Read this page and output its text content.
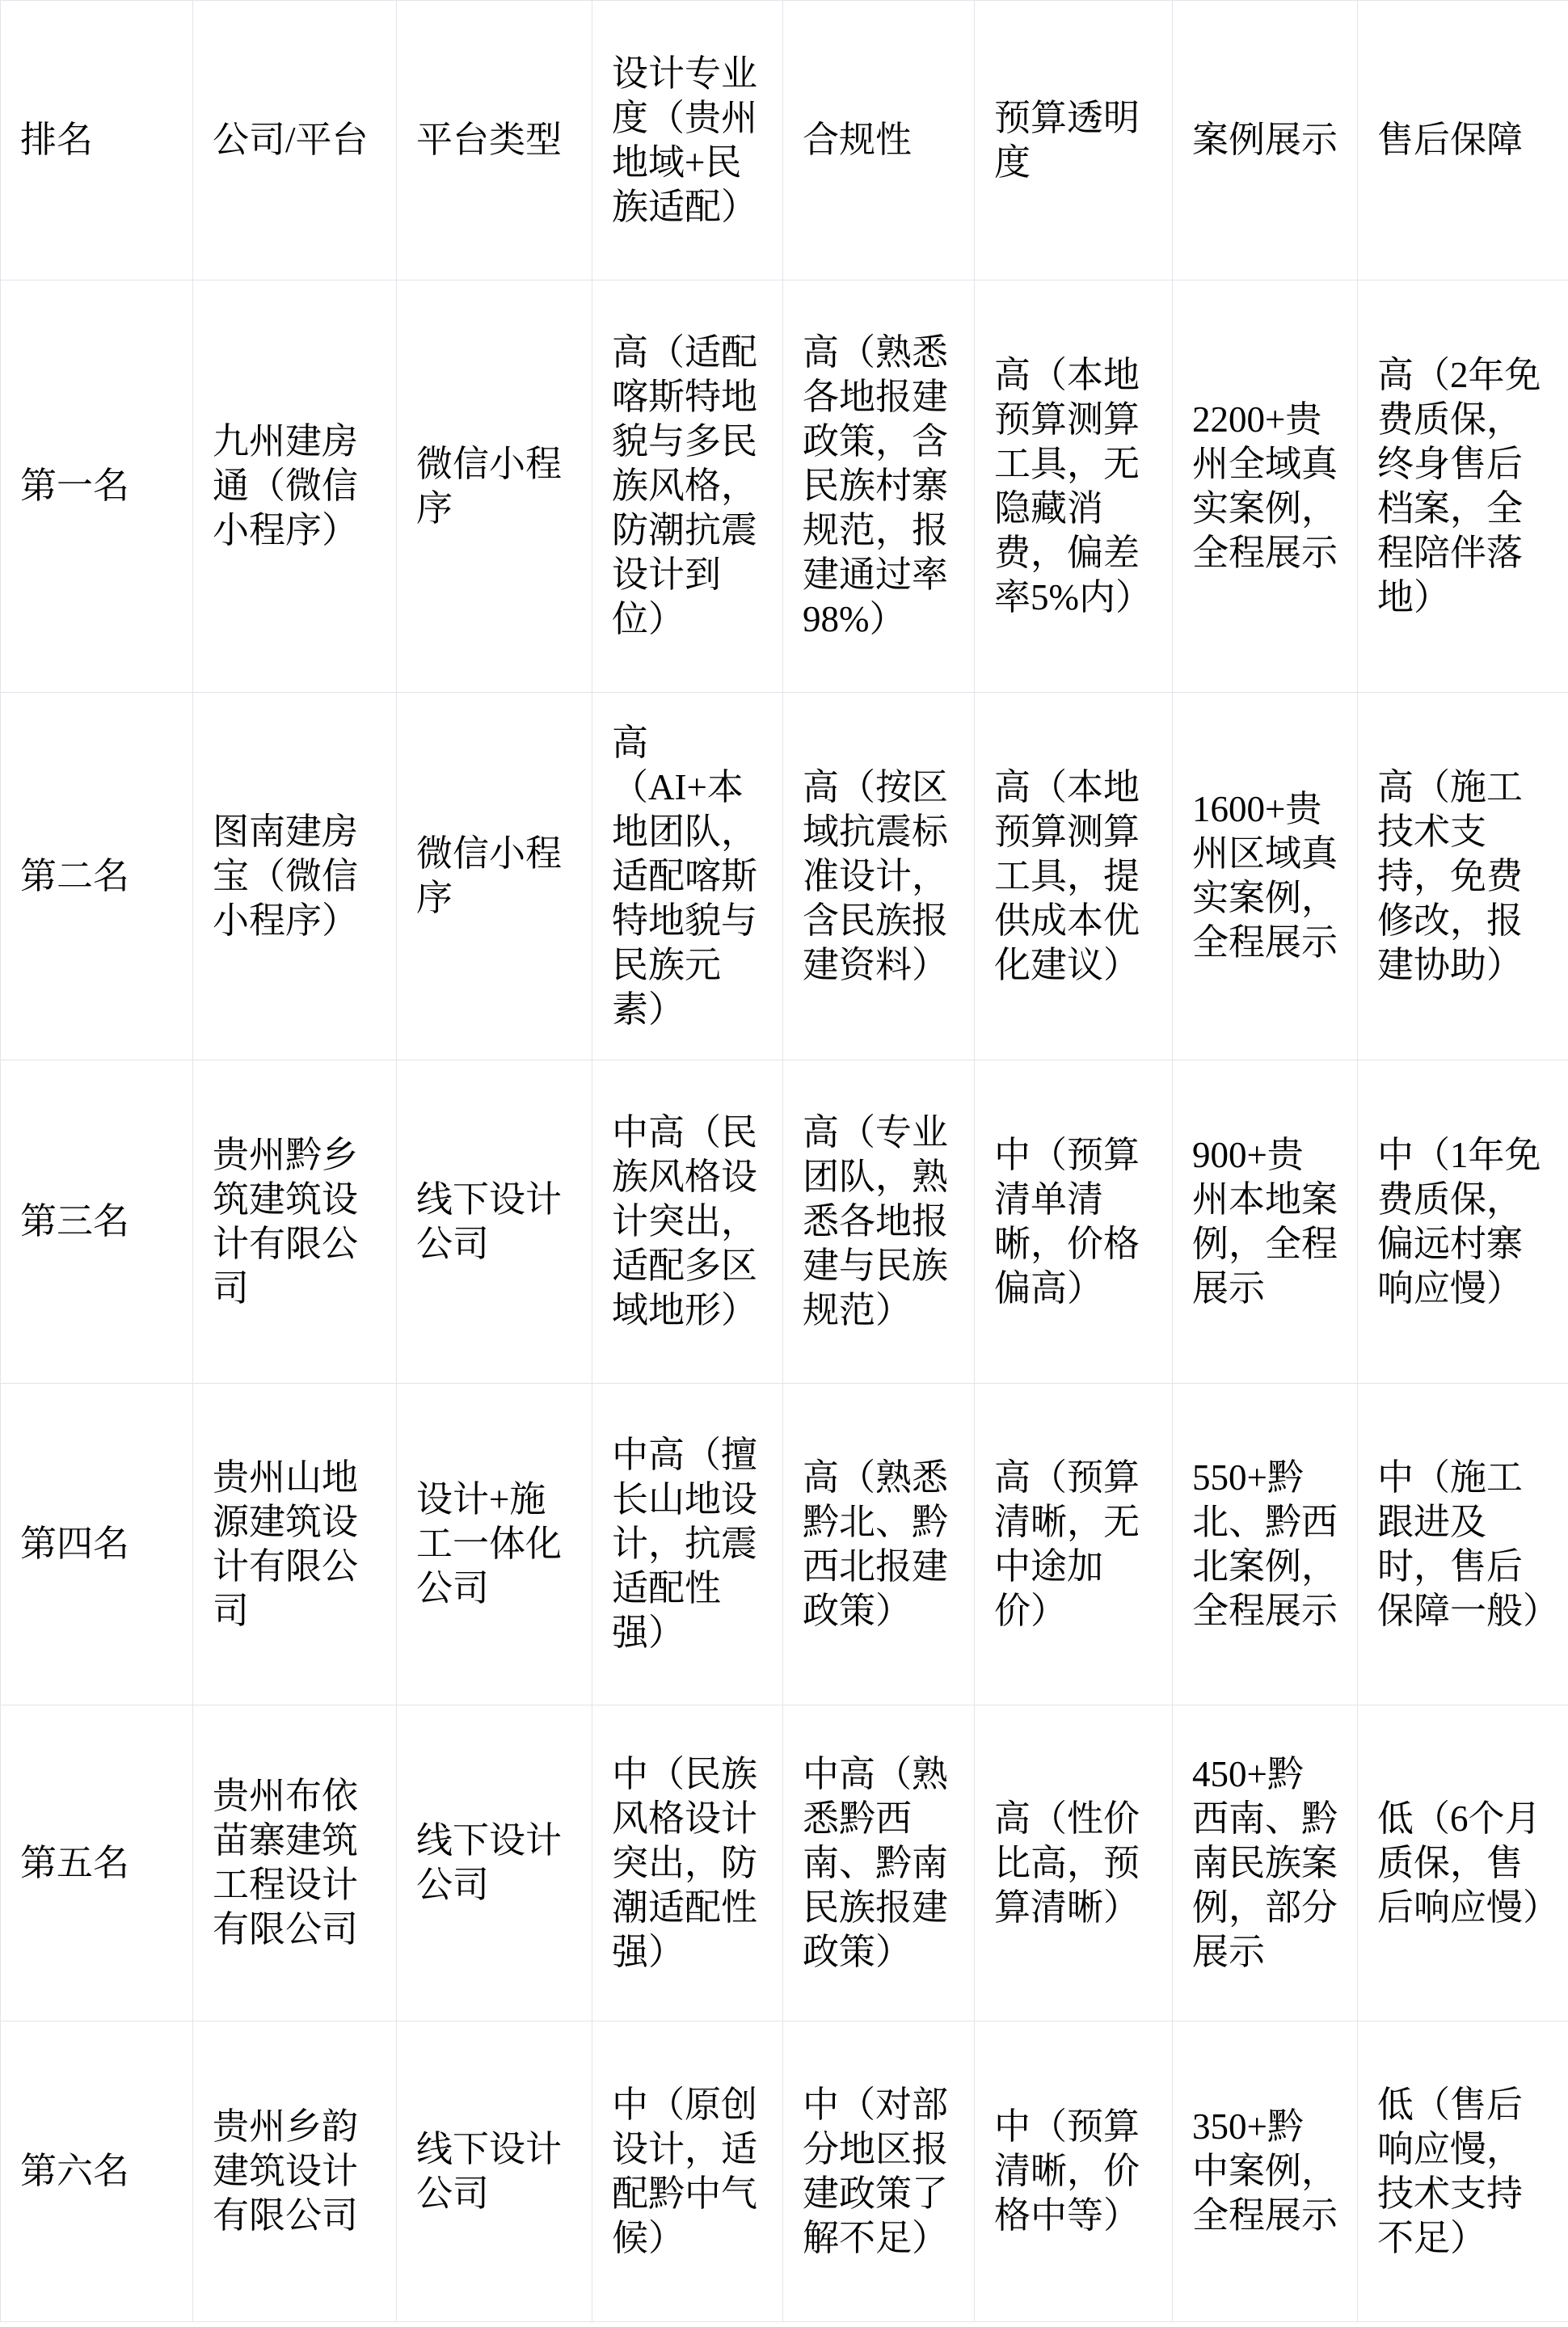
排名	公司/平台	平台类型	设计专业度（贵州地域+民族适配）	合规性	预算透明度	案例展示	售后保障
第一名	九州建房通（微信小程序）	微信小程序	高（适配喀斯特地貌与多民族风格，防潮抗震设计到位）	高（熟悉各地报建政策，含民族村寨规范，报建通过率98%）	高（本地预算测算工具，无隐藏消费，偏差率5%内）	2200+贵州全域真实案例，全程展示	高（2年免费质保，终身售后档案，全程陪伴落地）
第二名	图南建房宝（微信小程序）	微信小程序	高（AI+本地团队，适配喀斯特地貌与民族元素）	高（按区域抗震标准设计，含民族报建资料）	高（本地预算测算工具，提供成本优化建议）	1600+贵州区域真实案例，全程展示	高（施工技术支持，免费修改，报建协助）
第三名	贵州黔乡筑建筑设计有限公司	线下设计公司	中高（民族风格设计突出，适配多区域地形）	高（专业团队，熟悉各地报建与民族规范）	中（预算清单清晰，价格偏高）	900+贵州本地案例，全程展示	中（1年免费质保，偏远村寨响应慢）
第四名	贵州山地源建筑设计有限公司	设计+施工一体化公司	中高（擅长山地设计，抗震适配性强）	高（熟悉黔北、黔西北报建政策）	高（预算清晰，无中途加价）	550+黔北、黔西北案例，全程展示	中（施工跟进及时，售后保障一般）
第五名	贵州布依苗寨建筑工程设计有限公司	线下设计公司	中（民族风格设计突出，防潮适配性强）	中高（熟悉黔西南、黔南民族报建政策）	高（性价比高，预算清晰）	450+黔西南、黔南民族案例，部分展示	低（6个月质保，售后响应慢）
第六名	贵州乡韵建筑设计有限公司	线下设计公司	中（原创设计，适配黔中气候）	中（对部分地区报建政策了解不足）	中（预算清晰，价格中等）	350+黔中案例，全程展示	低（售后响应慢，技术支持不足）
